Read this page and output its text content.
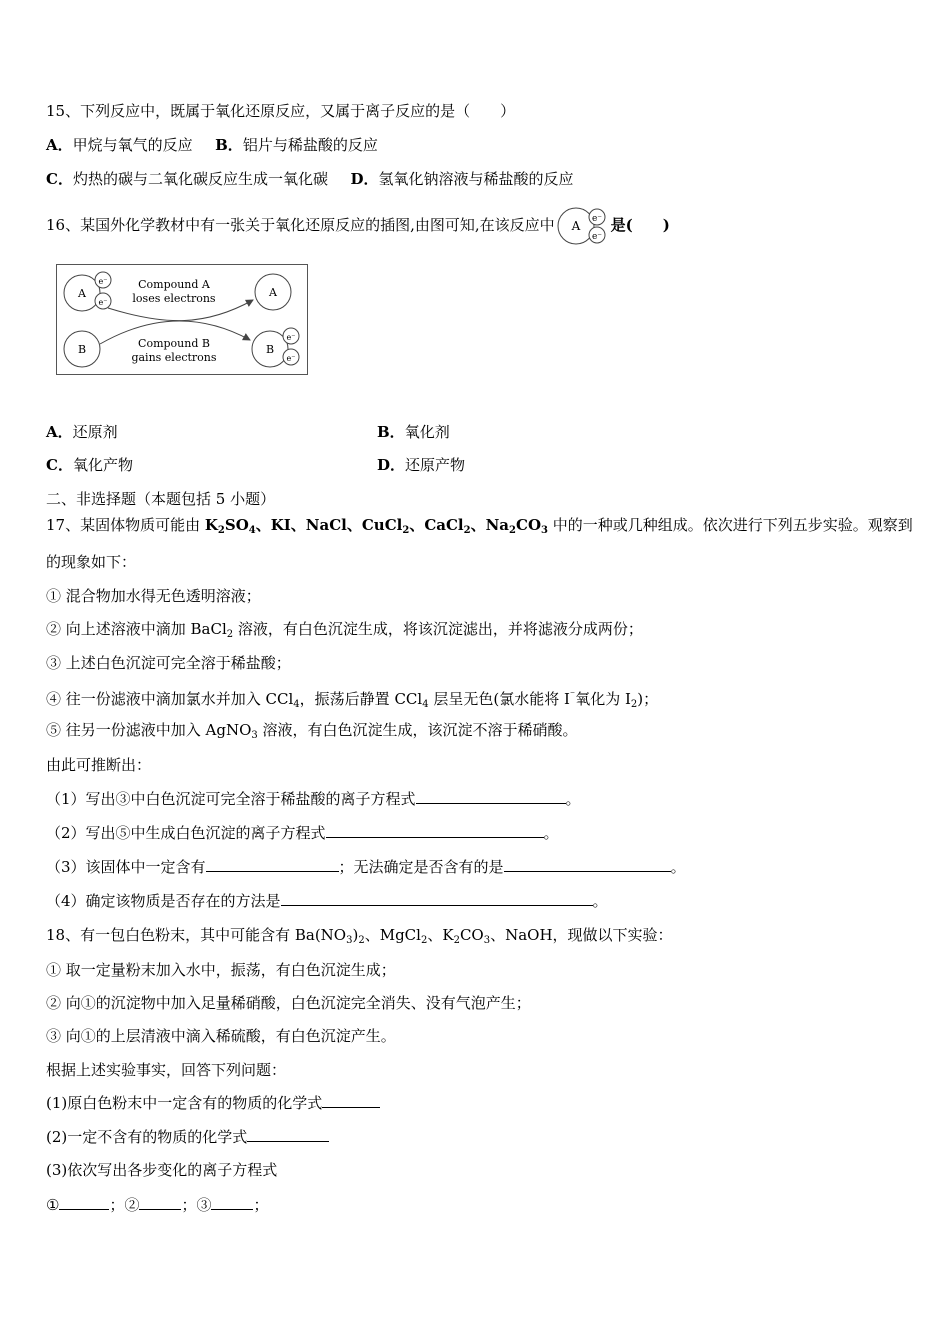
15、下列反应中，既属于氧化还原反应，又属于离子反应的是（　　）
A．甲烷与氧气的反应 B．铝片与稀盐酸的反应
C．灼热的碳与二氧化碳反应生成一氧化碳 D．氢氧化钠溶液与稀盐酸的反应
16、某国外化学教材中有一张关于氧化还原反应的插图,由图可知,在该反应中 A e⁻
e⁻
是(　　)
A
e⁻
e⁻
A
B	B
e⁻
e⁻
Compound A
loses electrons
Compound B
gains electrons
A．还原剂	B．氧化剂
C．氧化产物	D．还原产物
二、非选择题（本题包括 5 小题）
17、某固体物质可能由 $K_2SO_4$、KI、NaCl、CuCl$_2$、CaCl$_2$、$Na_2CO_3$ 中的一种或几种组成。依次进行下列五步实验。观察到
的现象如下：
① 混合物加水得无色透明溶液；
② 向上述溶液中滴加 BaCl$_2$ 溶液，有白色沉淀生成，将该沉淀滤出，并将滤液分成两份；
③ 上述白色沉淀可完全溶于稀盐酸；
④ 往一份滤液中滴加氯水并加入 CCl$_4$，振荡后静置 CCl$_4$ 层呈无色(氯水能将 I⁻氧化为 $I_2$)；
⑤ 往另一份滤液中加入 AgNO$_3$ 溶液，有白色沉淀生成，该沉淀不溶于稀硝酸。
由此可推断出：
（1）写出③中白色沉淀可完全溶于稀盐酸的离子方程式	。
（2）写出⑤中生成白色沉淀的离子方程式	。
（3）该固体中一定含有	；无法确定是否含有的是	。
（4）确定该物质是否存在的方法是	。
18、有一包白色粉末，其中可能含有 $Ba(NO_3)_2$、MgCl$_2$、$K_2CO_3$、NaOH，现做以下实验：
① 取一定量粉末加入水中，振荡，有白色沉淀生成；
② 向①的沉淀物中加入足量稀硝酸，白色沉淀完全消失、没有气泡产生；
③ 向①的上层清液中滴入稀硫酸，有白色沉淀产生。
根据上述实验事实，回答下列问题：
(1)原白色粉末中一定含有的物质的化学式
(2)一定不含有的物质的化学式
(3)依次写出各步变化的离子方程式
①	；②	；③	；
